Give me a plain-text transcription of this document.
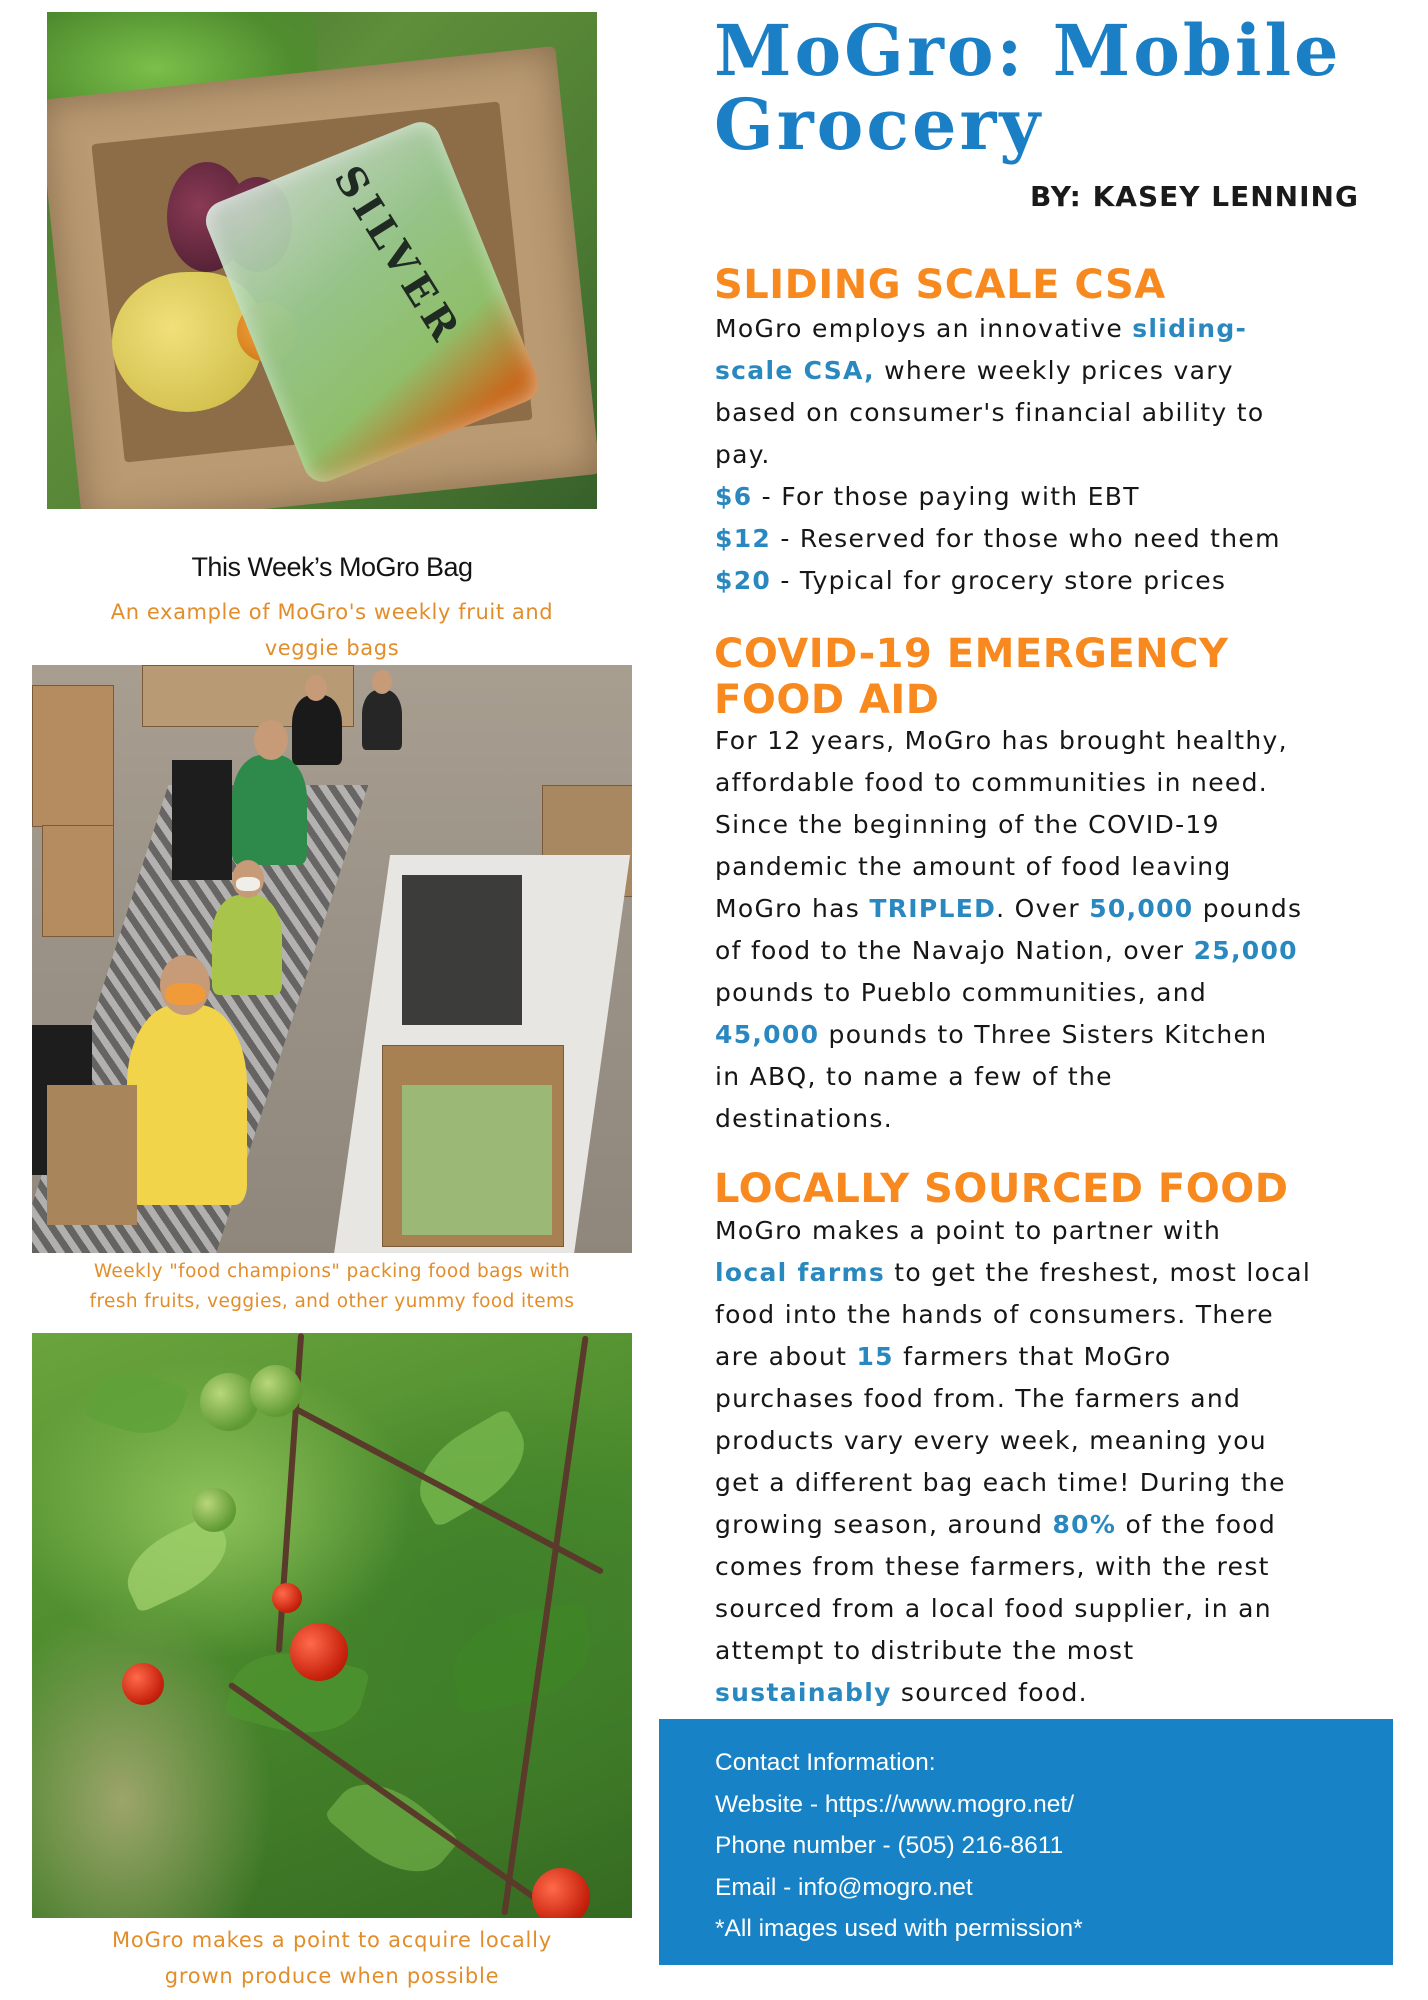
SILVER
This Week’s MoGro Bag
An example of MoGro's weekly fruit and
veggie bags
Weekly "food champions" packing food bags with
fresh fruits, veggies, and other yummy food items
MoGro makes a point to acquire locally
grown produce when possible
MoGro: Mobile
Grocery
BY: KASEY LENNING
SLIDING SCALE CSA
MoGro employs an innovative sliding-
scale CSA, where weekly prices vary
based on consumer's financial ability to
pay.
$6 - For those paying with EBT
$12 - Reserved for those who need them
$20 - Typical for grocery store prices
COVID-19 EMERGENCY
FOOD AID
For 12 years, MoGro has brought healthy,
affordable food to communities in need.
Since the beginning of the COVID-19
pandemic the amount of food leaving
MoGro has TRIPLED. Over 50,000 pounds
of food to the Navajo Nation, over 25,000
pounds to Pueblo communities, and
45,000 pounds to Three Sisters Kitchen
in ABQ, to name a few of the
destinations.
LOCALLY SOURCED FOOD
MoGro makes a point to partner with
local farms to get the freshest, most local
food into the hands of consumers. There
are about 15 farmers that MoGro
purchases food from. The farmers and
products vary every week, meaning you
get a different bag each time! During the
growing season, around 80% of the food
comes from these farmers, with the rest
sourced from a local food supplier, in an
attempt to distribute the most
sustainably sourced food.
Contact Information:
Website - https://www.mogro.net/
Phone number - (505) 216-8611
Email - info@mogro.net
*All images used with permission*
